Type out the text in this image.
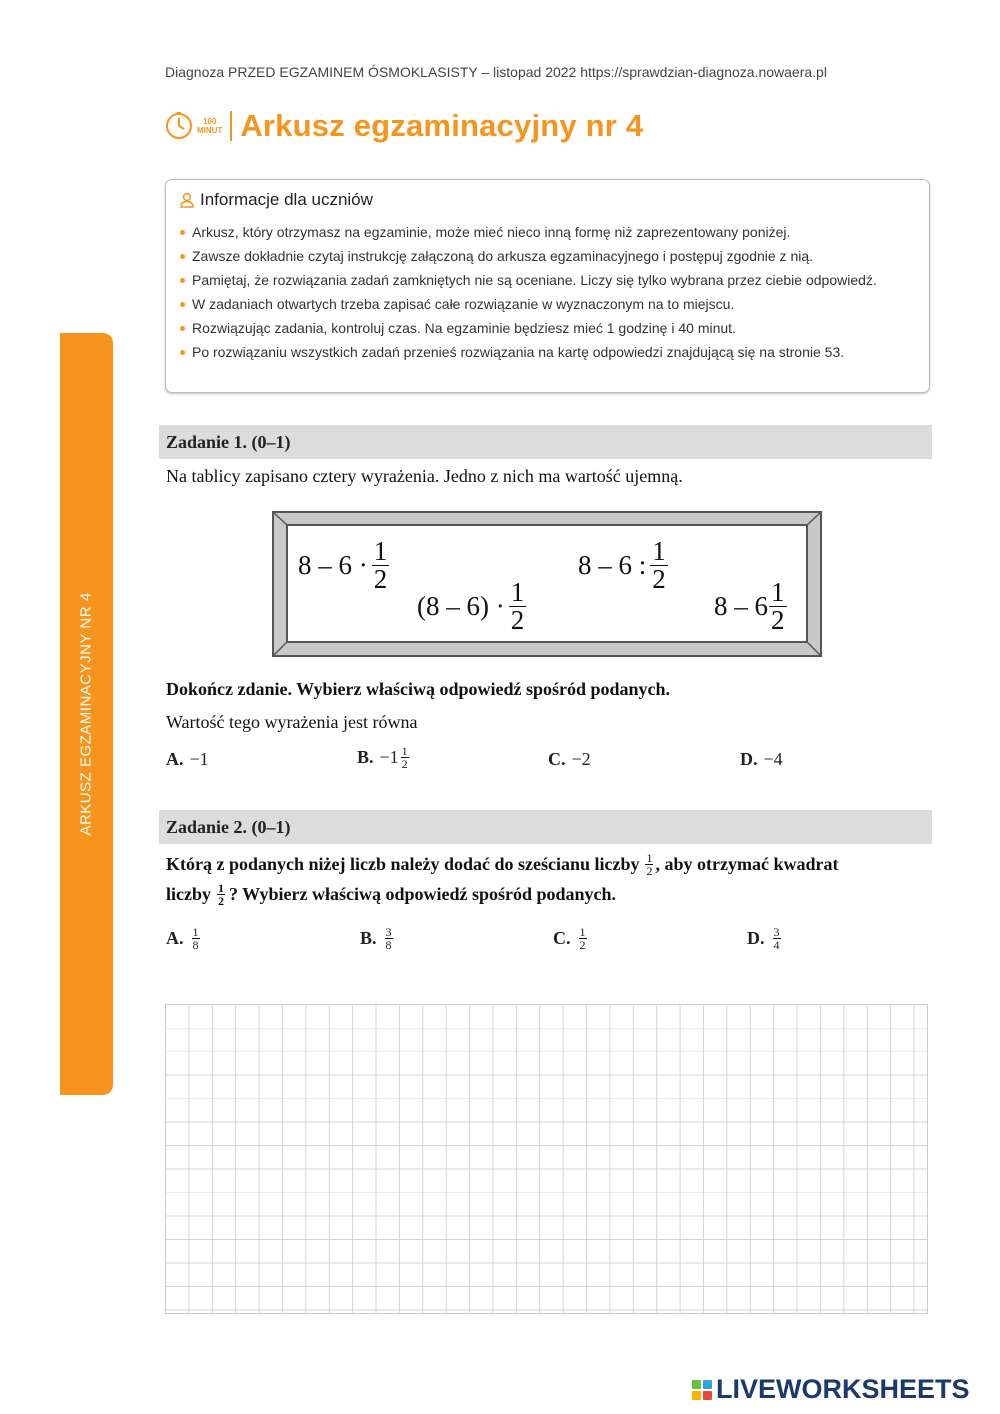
Diagnoza PRZED EGZAMINEM ÓSMOKLASISTY – listopad 2022 https://sprawdzian-diagnoza.nowaera.pl
100
MINUT Arkusz egzaminacyjny nr 4
ARKUSZ EGZAMINACYJNY NR 4
Informacje dla uczniów
Arkusz, który otrzymasz na egzaminie, może mieć nieco inną formę niż zaprezentowany poniżej.
Zawsze dokładnie czytaj instrukcję załączoną do arkusza egzaminacyjnego i postępuj zgodnie z nią.
Pamiętaj, że rozwiązania zadań zamkniętych nie są oceniane. Liczy się tylko wybrana przez ciebie odpowiedź.
W zadaniach otwartych trzeba zapisać całe rozwiązanie w wyznaczonym na to miejscu.
Rozwiązując zadania, kontroluj czas. Na egzaminie będziesz mieć 1 godzinę i 40 minut.
Po rozwiązaniu wszystkich zadań przenieś rozwiązania na kartę odpowiedzi znajdującą się na stronie 53.
Zadanie 1. (0–1)
Na tablicy zapisano cztery wyrażenia. Jedno z nich ma wartość ujemną.
$8 - 6 \cdot \frac{1}{2}$
$(8 - 6) \cdot \frac{1}{2}$
8 – 6 : $\frac{1}{2}$
$8 - 6 \frac{1}{2}$
Dokończ zdanie. Wybierz właściwą odpowiedź spośród podanych.
Wartość tego wyrażenia jest równa
A. −1	B. $-1 \frac{1}{2}$	C. −2	D. −4
Zadanie 2. (0–1)
Którą z podanych niżej liczb należy dodać do sześcianu liczby $\frac{1}{2}$ , aby otrzymać kwadrat
liczby $\frac{1}{2}$ ? Wybierz właściwą odpowiedź spośród podanych.
A. $\frac{1}{8}$	B. $\frac{3}{8}$	C. $\frac{1}{2}$	D. $\frac{3}{4}$
LIVEWORKSHEETS
